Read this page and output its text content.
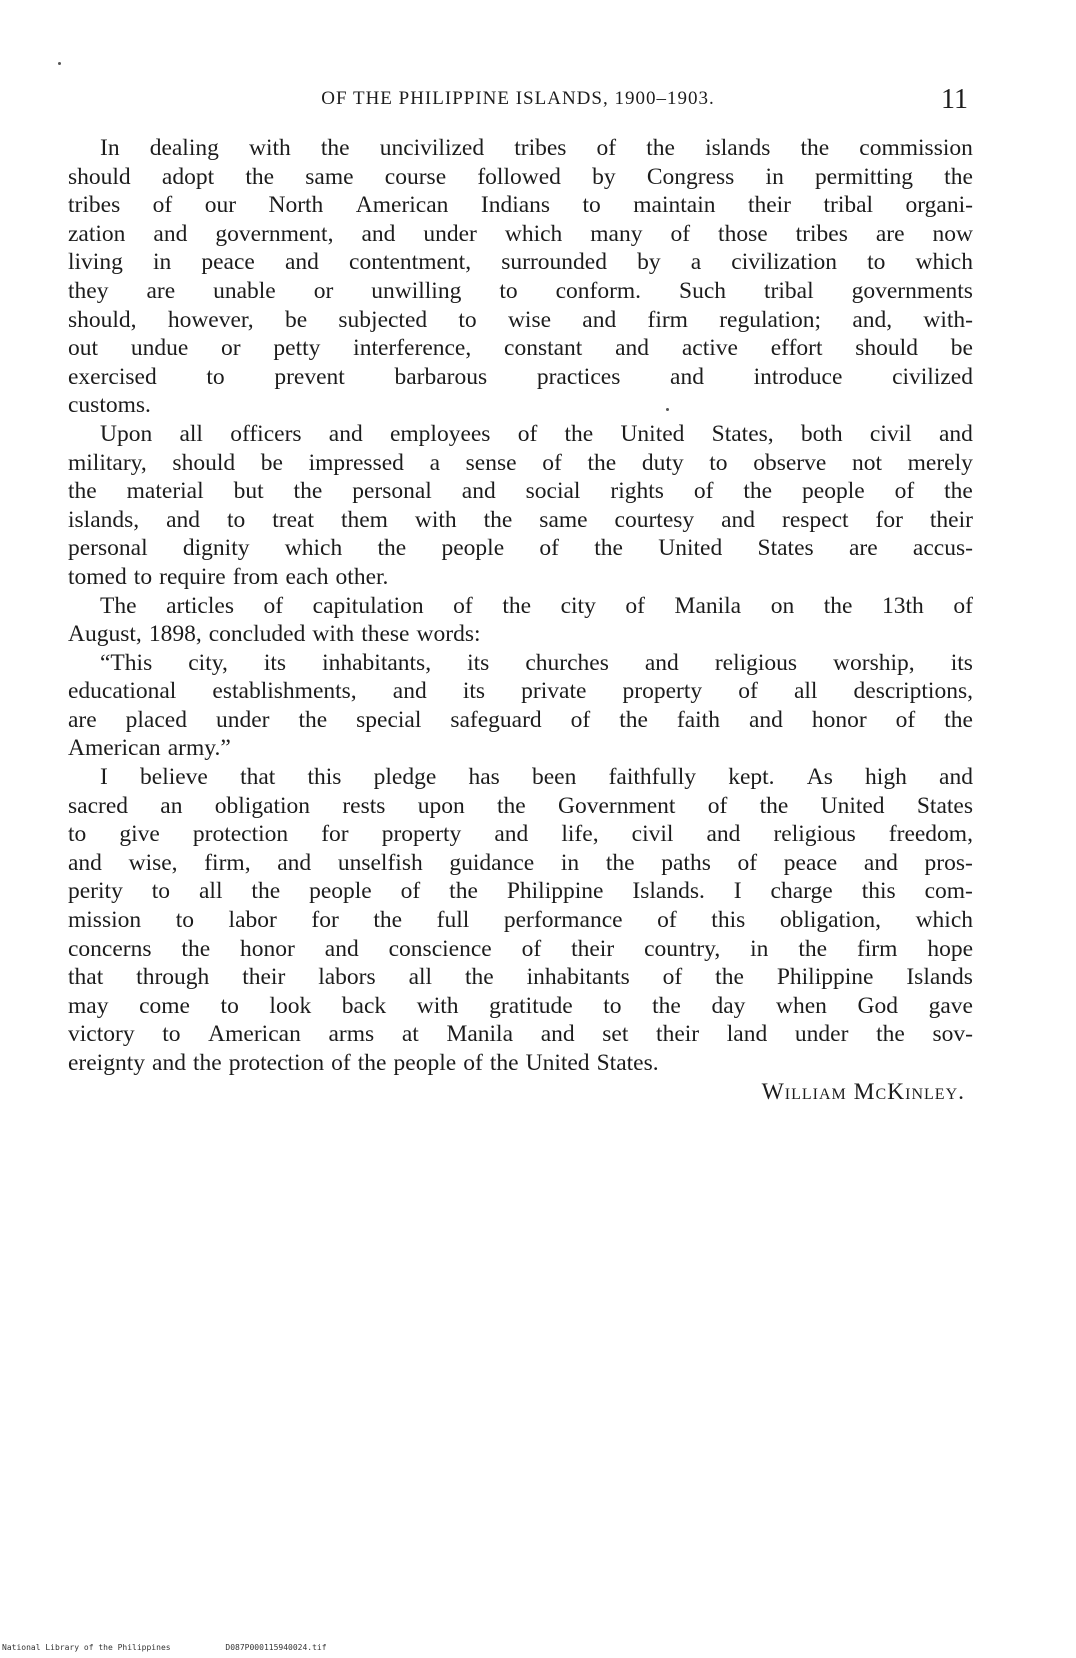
OF THE PHILIPPINE ISLANDS, 1900–1903.	11
In dealing with the uncivilized tribes of the islands the commission
should adopt the same course followed by Congress in permitting the
tribes of our North American Indians to maintain their tribal organi-
zation and government, and under which many of those tribes are now
living in peace and contentment, surrounded by a civilization to which
they are unable or unwilling to conform. Such tribal governments
should, however, be subjected to wise and firm regulation; and, with-
out undue or petty interference, constant and active effort should be
exercised to prevent barbarous practices and introduce civilized
customs.
Upon all officers and employees of the United States, both civil and
military, should be impressed a sense of the duty to observe not merely
the material but the personal and social rights of the people of the
islands, and to treat them with the same courtesy and respect for their
personal dignity which the people of the United States are accus-
tomed to require from each other.
The articles of capitulation of the city of Manila on the 13th of
August, 1898, concluded with these words:
“This city, its inhabitants, its churches and religious worship, its
educational establishments, and its private property of all descriptions,
are placed under the special safeguard of the faith and honor of the
American army.”
I believe that this pledge has been faithfully kept. As high and
sacred an obligation rests upon the Government of the United States
to give protection for property and life, civil and religious freedom,
and wise, firm, and unselfish guidance in the paths of peace and pros-
perity to all the people of the Philippine Islands. I charge this com-
mission to labor for the full performance of this obligation, which
concerns the honor and conscience of their country, in the firm hope
that through their labors all the inhabitants of the Philippine Islands
may come to look back with gratitude to the day when God gave
victory to American arms at Manila and set their land under the sov-
ereignty and the protection of the people of the United States.
William McKinley.
National Library of the Philippines	D087P000115940024.tif
